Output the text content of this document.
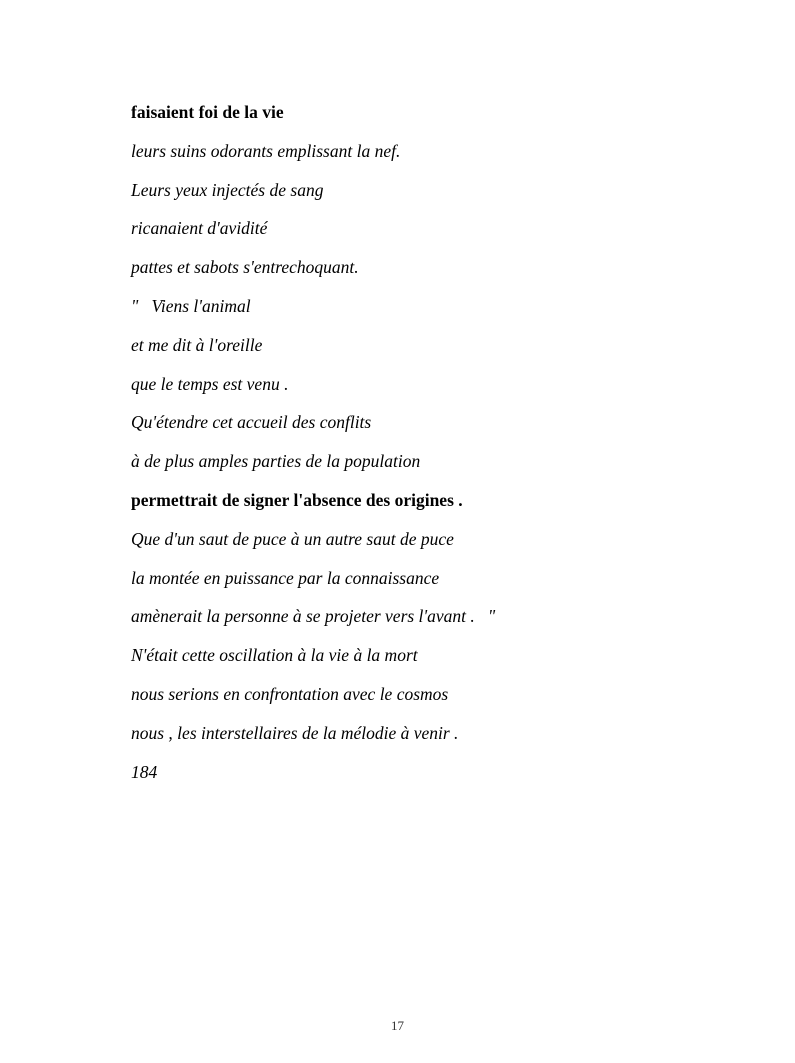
faisaient foi de la vie
leurs suins odorants emplissant la nef.
Leurs yeux injectés de sang
ricanaient d'avidité
pattes et sabots s'entrechoquant.
"   Viens l'animal
et me dit à l'oreille
que le temps est venu .
Qu'étendre cet accueil des conflits
à de plus amples parties de la population
permettrait de signer l'absence des origines .
Que d'un saut de puce à un autre saut de puce
la montée en puissance par la connaissance
amènerait la personne à se projeter vers l'avant .   "
N'était cette oscillation à la vie à la mort
nous serions en confrontation avec le cosmos
nous , les interstellaires de la mélodie à venir .
184
17
